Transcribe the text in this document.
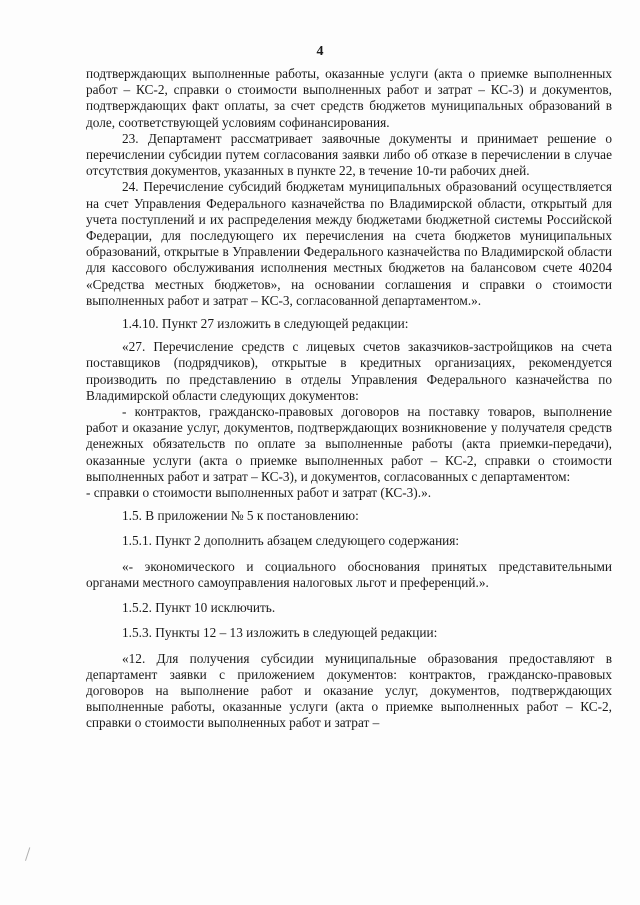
4

подтверждающих выполненные работы, оказанные услуги (акта о приемке выполненных работ – КС-2, справки о стоимости выполненных работ и затрат – КС-3) и документов, подтверждающих факт оплаты, за счет средств бюджетов муниципальных образований в доле, соответствующей условиям софинансирования.

23. Департамент рассматривает заявочные документы и принимает решение о перечислении субсидии путем согласования заявки либо об отказе в перечислении в случае отсутствия документов, указанных в пункте 22, в течение 10-ти рабочих дней.

24. Перечисление субсидий бюджетам муниципальных образований осуществляется на счет Управления Федерального казначейства по Владимирской области, открытый для учета поступлений и их распределения между бюджетами бюджетной системы Российской Федерации, для последующего их перечисления на счета бюджетов муниципальных образований, открытые в Управлении Федерального казначейства по Владимирской области для кассового обслуживания исполнения местных бюджетов на балансовом счете 40204 «Средства местных бюджетов», на основании соглашения и справки о стоимости выполненных работ и затрат – КС-3, согласованной департаментом.».

1.4.10. Пункт 27 изложить в следующей редакции:

«27. Перечисление средств с лицевых счетов заказчиков-застройщиков на счета поставщиков (подрядчиков), открытые в кредитных организациях, рекомендуется производить по представлению в отделы Управления Федерального казначейства по Владимирской области следующих документов:

- контрактов, гражданско-правовых договоров на поставку товаров, выполнение работ и оказание услуг, документов, подтверждающих возникновение у получателя средств денежных обязательств по оплате за выполненные работы (акта приемки-передачи), оказанные услуги (акта о приемке выполненных работ – КС-2, справки о стоимости выполненных работ и затрат – КС-3), и документов, согласованных с департаментом:

- справки о стоимости выполненных работ и затрат (КС-3).».

1.5. В приложении № 5 к постановлению:

1.5.1. Пункт 2 дополнить абзацем следующего содержания:

«- экономического и социального обоснования принятых представительными органами местного самоуправления налоговых льгот и преференций.».

1.5.2. Пункт 10 исключить.

1.5.3. Пункты 12 – 13 изложить в следующей редакции:

«12. Для получения субсидии муниципальные образования предоставляют в департамент заявки с приложением документов: контрактов, гражданско-правовых договоров на выполнение работ и оказание услуг, документов, подтверждающих выполненные работы, оказанные услуги (акта о приемке выполненных работ – КС-2, справки о стоимости выполненных работ и затрат –
